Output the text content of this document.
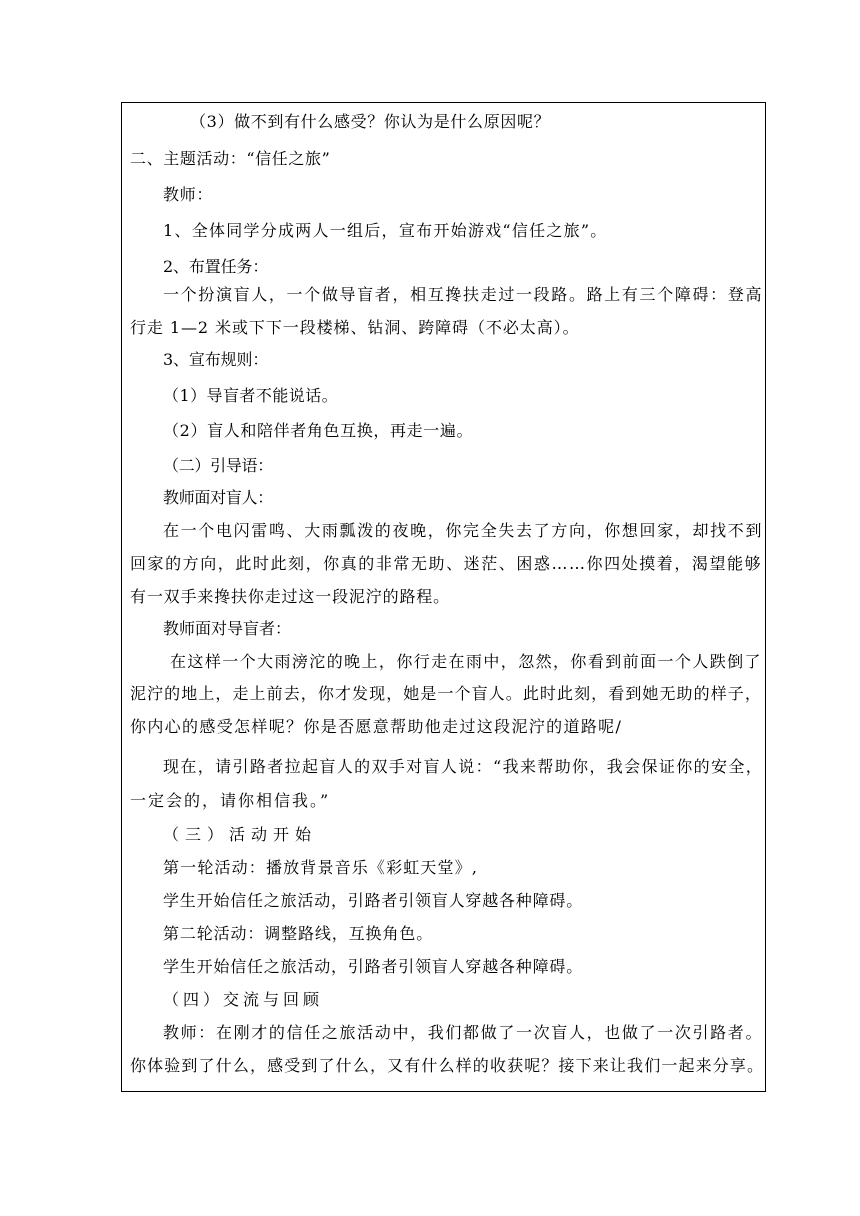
（3）做不到有什么感受？你认为是什么原因呢？
二、主题活动：“信任之旅”
教师：
1、全体同学分成两人一组后，宣布开始游戏“信任之旅”。
2、布置任务：
一个扮演盲人，一个做导盲者，相互搀扶走过一段路。路上有三个障碍：登高
行走 1—2 米或下下一段楼梯、钻洞、跨障碍（不必太高）。
3、宣布规则：
（1）导盲者不能说话。
（2）盲人和陪伴者角色互换，再走一遍。
（二）引导语：
教师面对盲人：
在一个电闪雷鸣、大雨瓢泼的夜晚，你完全失去了方向，你想回家，却找不到
回家的方向，此时此刻，你真的非常无助、迷茫、困惑……你四处摸着，渴望能够
有一双手来搀扶你走过这一段泥泞的路程。
教师面对导盲者：
在这样一个大雨滂沱的晚上，你行走在雨中，忽然，你看到前面一个人跌倒了
泥泞的地上，走上前去，你才发现，她是一个盲人。此时此刻，看到她无助的样子，
你内心的感受怎样呢？你是否愿意帮助他走过这段泥泞的道路呢/
现在，请引路者拉起盲人的双手对盲人说：“我来帮助你，我会保证你的安全，
一定会的，请你相信我。”
（三）活动开始
第一轮活动：播放背景音乐《彩虹天堂》,
学生开始信任之旅活动，引路者引领盲人穿越各种障碍。
第二轮活动：调整路线，互换角色。
学生开始信任之旅活动，引路者引领盲人穿越各种障碍。
（四）交流与回顾
教师：在刚才的信任之旅活动中，我们都做了一次盲人，也做了一次引路者。
你体验到了什么，感受到了什么，又有什么样的收获呢？接下来让我们一起来分享。
